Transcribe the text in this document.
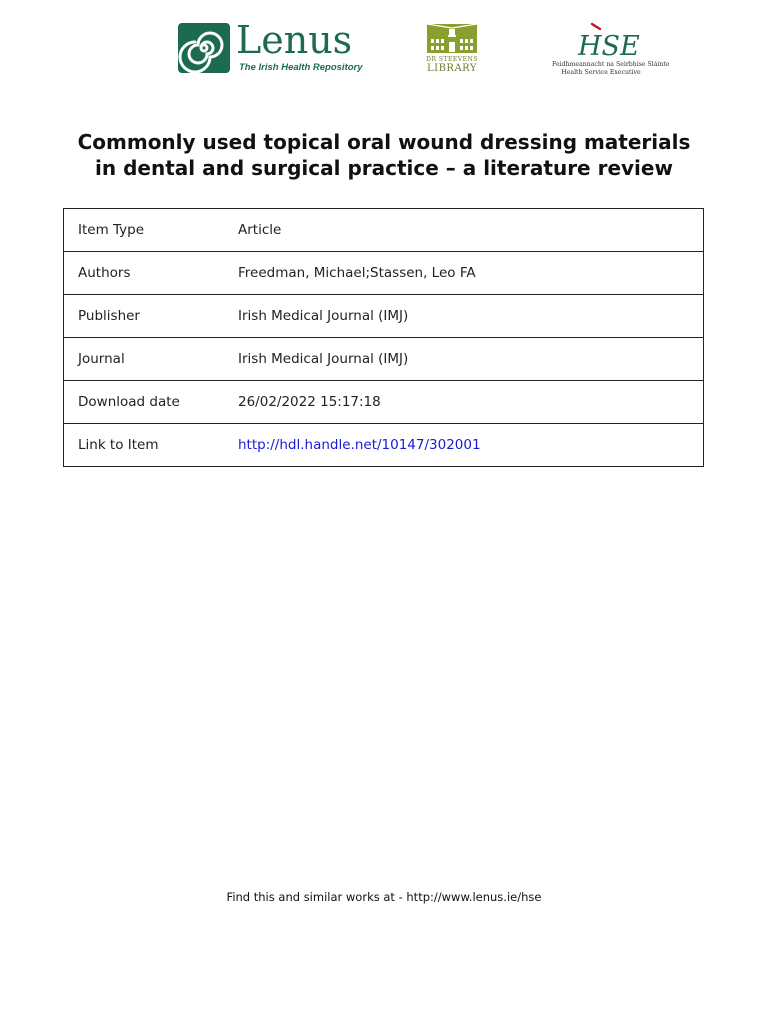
Lenus
The Irish Health Repository
DR STEEVENS
LIBRARY
HSE
Feidhmeannacht na Seirbhíse Sláinte
Health Service Executive
Commonly used topical oral wound dressing materials
in dental and surgical practice – a literature review
Item Type	Article
Authors	Freedman, Michael;Stassen, Leo FA
Publisher	Irish Medical Journal (IMJ)
Journal	Irish Medical Journal (IMJ)
Download date	26/02/2022 15:17:18
Link to Item	http://hdl.handle.net/10147/302001
Find this and similar works at - http://www.lenus.ie/hse
